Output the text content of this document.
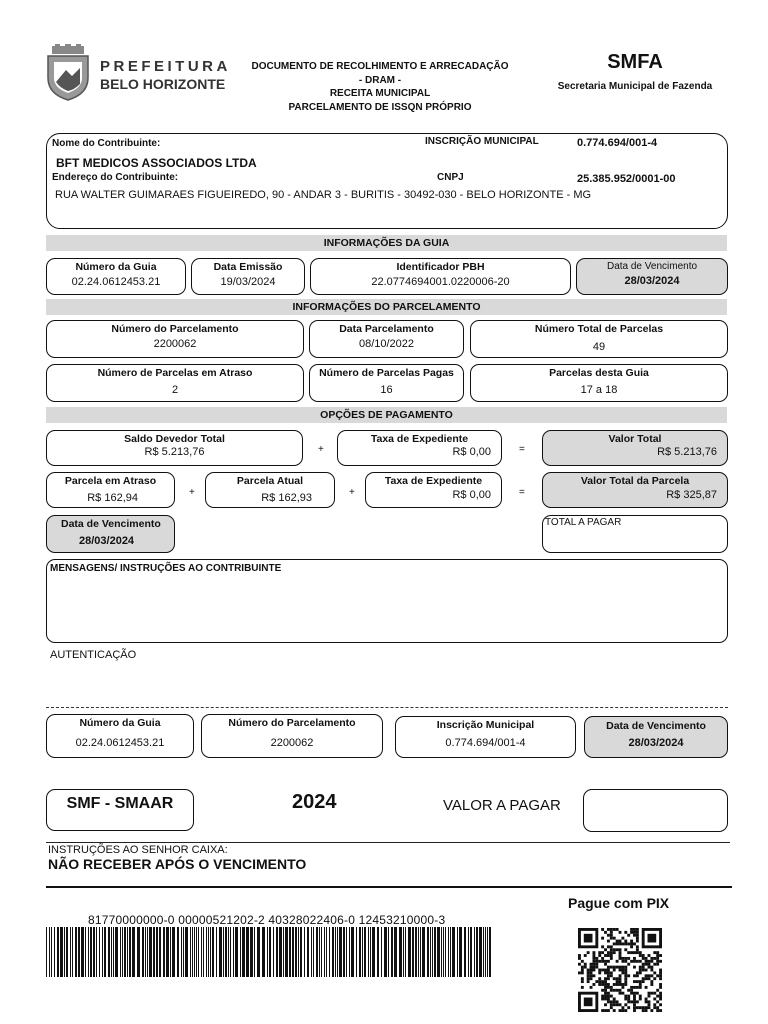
PREFEITURA
BELO HORIZONTE
DOCUMENTO DE RECOLHIMENTO E ARRECADAÇÃO
- DRAM -
RECEITA MUNICIPAL
PARCELAMENTO DE ISSQN PRÓPRIO
SMFA
Secretaria Municipal de Fazenda
Nome do Contribuinte:	INSCRIÇÃO MUNICIPAL	0.774.694/001-4
BFT MEDICOS ASSOCIADOS LTDA
Endereço do Contribuinte:	CNPJ	25.385.952/0001-00
RUA WALTER GUIMARAES FIGUEIREDO, 90 - ANDAR 3 - BURITIS - 30492-030 - BELO HORIZONTE - MG
INFORMAÇÕES DA GUIA
Número da Guia
02.24.0612453.21
Data Emissão
19/03/2024
Identificador PBH
22.0774694001.0220006-20
Data de Vencimento
28/03/2024
INFORMAÇÕES DO PARCELAMENTO
Número do Parcelamento
2200062
Data Parcelamento
08/10/2022
Número Total de Parcelas
49
Número de Parcelas em Atraso
2
Número de Parcelas Pagas
16
Parcelas desta Guia
17 a 18
OPÇÕES DE PAGAMENTO
Saldo Devedor Total
R$ 5.213,76	+
Taxa de Expediente
R$ 0,00	=
Valor Total
R$ 5.213,76
Parcela em Atraso
R$ 162,94	+
Parcela Atual
R$ 162,93	+
Taxa de Expediente
R$ 0,00	=
Valor Total da Parcela
R$ 325,87
Data de Vencimento
28/03/2024
TOTAL A PAGAR
MENSAGENS/ INSTRUÇÕES AO CONTRIBUINTE
AUTENTICAÇÃO
Número da Guia
02.24.0612453.21
Número do Parcelamento
2200062
Inscrição Municipal
0.774.694/001-4
Data de Vencimento
28/03/2024
SMF - SMAAR	2024	VALOR A PAGAR
INSTRUÇÕES AO SENHOR CAIXA:
NÃO RECEBER APÓS O VENCIMENTO
Pague com PIX
81770000000-0 00000521202-2 40328022406-0 12453210000-3
